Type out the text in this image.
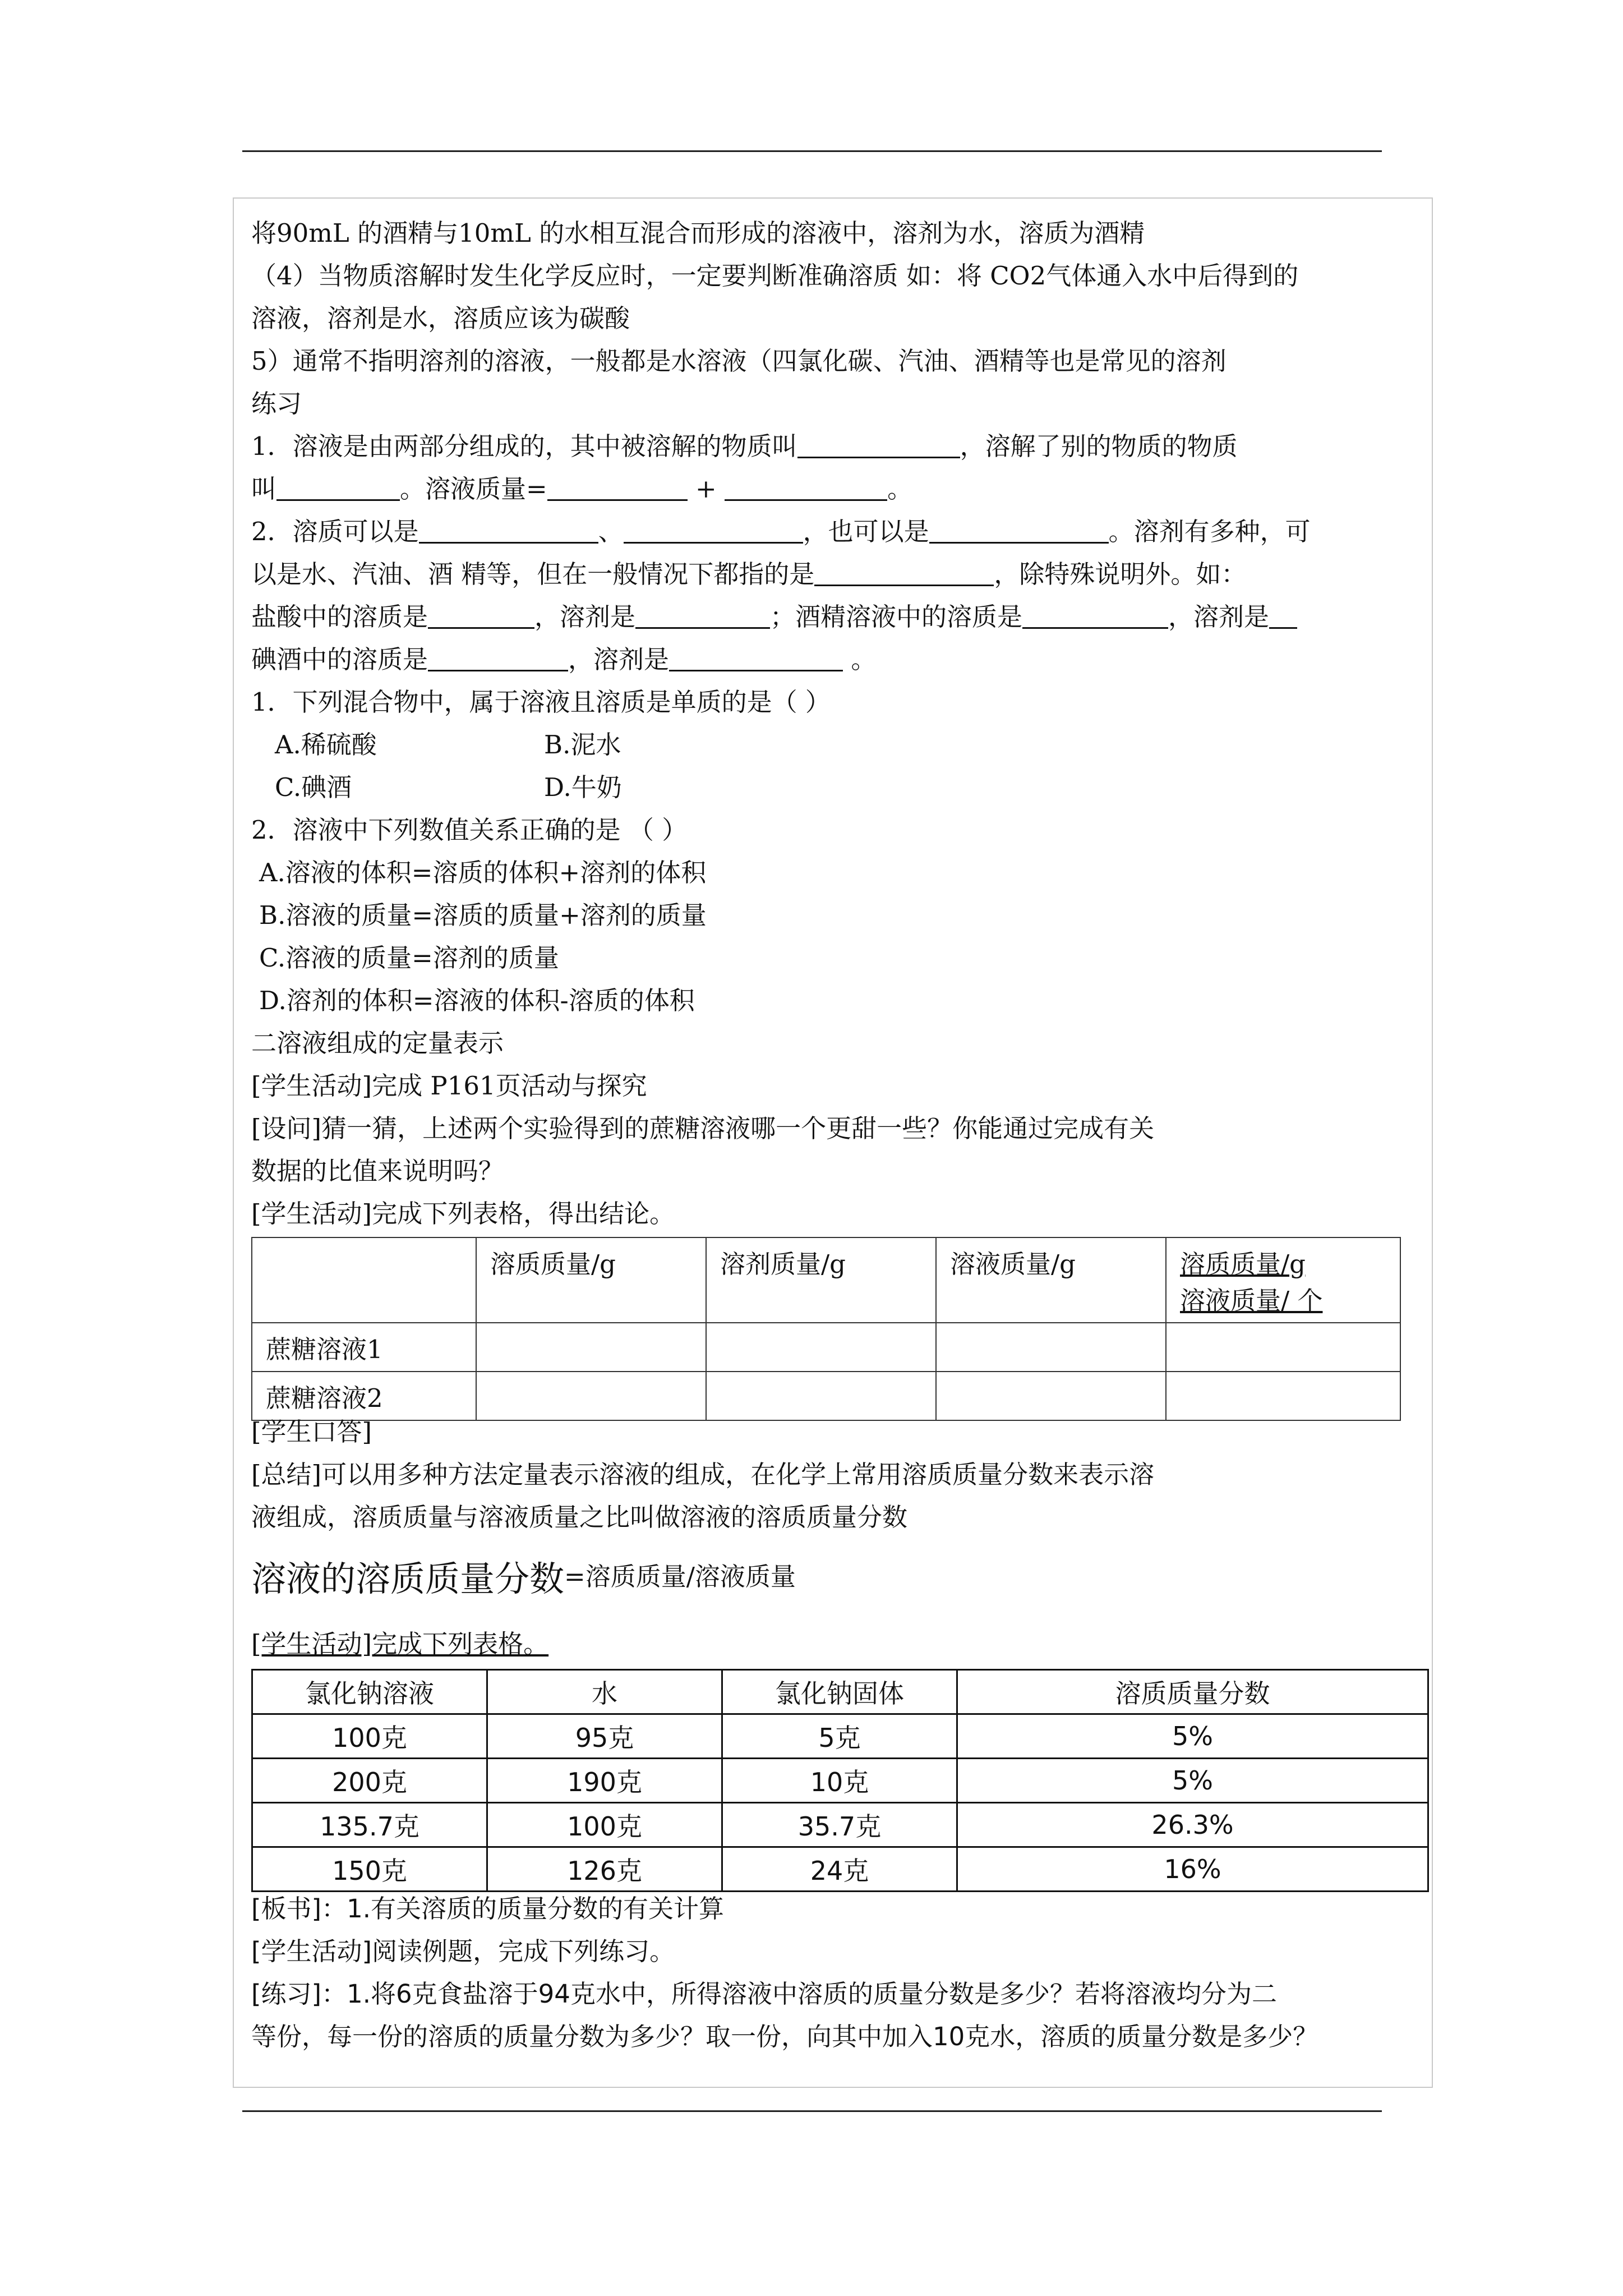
将90mL 的酒精与10mL 的水相互混合而形成的溶液中，溶剂为水，溶质为酒精
（4）当物质溶解时发生化学反应时，一定要判断准确溶质 如：将 CO2气体通入水中后得到的
溶液，溶剂是水，溶质应该为碳酸
5）通常不指明溶剂的溶液，一般都是水溶液（四氯化碳、汽油、酒精等也是常见的溶剂
练习
1．溶液是由两部分组成的，其中被溶解的物质叫	，溶解了别的物质的物质
叫	。溶液质量=	+	。
2．溶质可以是	、	，也可以是	。溶剂有多种，可
以是水、汽油、酒 精等，但在一般情况下都指的是	，除特殊说明外。如：
盐酸中的溶质是	，溶剂是	；酒精溶液中的溶质是	，溶剂是
碘酒中的溶质是	，溶剂是	。
1．下列混合物中，属于溶液且溶质是单质的是（ ）
A.稀硫酸	B.泥水
C.碘酒	D.牛奶
2．溶液中下列数值关系正确的是 （ ）
A.溶液的体积=溶质的体积+溶剂的体积
B.溶液的质量=溶质的质量+溶剂的质量
C.溶液的质量=溶剂的质量
D.溶剂的体积=溶液的体积-溶质的体积
二溶液组成的定量表示
[学生活动]完成 P161页活动与探究
[设问]猜一猜，上述两个实验得到的蔗糖溶液哪一个更甜一些？你能通过完成有关
数据的比值来说明吗？
[学生活动]完成下列表格，得出结论。
	溶质质量/g	溶剂质量/g	溶液质量/g	溶质质量/g
溶液质量/ 个
蔗糖溶液1				
蔗糖溶液2				
[学生口答]
[总结]可以用多种方法定量表示溶液的组成，在化学上常用溶质质量分数来表示溶
液组成，溶质质量与溶液质量之比叫做溶液的溶质质量分数
溶液的溶质质量分数=溶质质量/溶液质量
[学生活动]完成下列表格。
氯化钠溶液	水	氯化钠固体	溶质质量分数
100克	95克	5克	5%
200克	190克	10克	5%
135.7克	100克	35.7克	26.3%
150克	126克	24克	16%
[板书]：1.有关溶质的质量分数的有关计算
[学生活动]阅读例题，完成下列练习。
[练习]：1.将6克食盐溶于94克水中，所得溶液中溶质的质量分数是多少？若将溶液均分为二
等份，每一份的溶质的质量分数为多少？取一份，向其中加入10克水，溶质的质量分数是多少？
